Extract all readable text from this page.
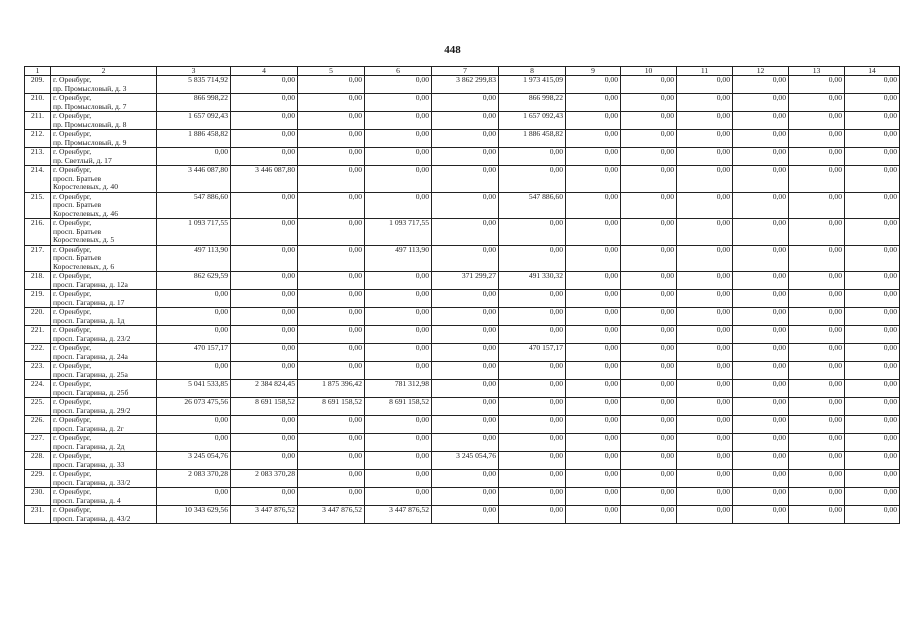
448
1	2	3	4	5	6	7	8	9	10	11	12	13	14
209.	г. Оренбург,
пр. Промысловый, д. 3	5 835 714,92	0,00	0,00	0,00	3 862 299,83	1 973 415,09	0,00	0,00	0,00	0,00	0,00	0,00
210.	г. Оренбург,
пр. Промысловый, д. 7	866 998,22	0,00	0,00	0,00	0,00	866 998,22	0,00	0,00	0,00	0,00	0,00	0,00
211.	г. Оренбург,
пр. Промысловый, д. 8	1 657 092,43	0,00	0,00	0,00	0,00	1 657 092,43	0,00	0,00	0,00	0,00	0,00	0,00
212.	г. Оренбург,
пр. Промысловый, д. 9	1 886 458,82	0,00	0,00	0,00	0,00	1 886 458,82	0,00	0,00	0,00	0,00	0,00	0,00
213.	г. Оренбург,
пр. Светлый, д. 17	0,00	0,00	0,00	0,00	0,00	0,00	0,00	0,00	0,00	0,00	0,00	0,00
214.	г. Оренбург,
просп. Братьев
Коростелевых, д. 40	3 446 087,80	3 446 087,80	0,00	0,00	0,00	0,00	0,00	0,00	0,00	0,00	0,00	0,00
215.	г. Оренбург,
просп. Братьев
Коростелевых, д. 46	547 886,60	0,00	0,00	0,00	0,00	547 886,60	0,00	0,00	0,00	0,00	0,00	0,00
216.	г. Оренбург,
просп. Братьев
Коростелевых, д. 5	1 093 717,55	0,00	0,00	1 093 717,55	0,00	0,00	0,00	0,00	0,00	0,00	0,00	0,00
217.	г. Оренбург,
просп. Братьев
Коростелевых, д. 6	497 113,90	0,00	0,00	497 113,90	0,00	0,00	0,00	0,00	0,00	0,00	0,00	0,00
218.	г. Оренбург,
просп. Гагарина, д. 12а	862 629,59	0,00	0,00	0,00	371 299,27	491 330,32	0,00	0,00	0,00	0,00	0,00	0,00
219.	г. Оренбург,
просп. Гагарина, д. 17	0,00	0,00	0,00	0,00	0,00	0,00	0,00	0,00	0,00	0,00	0,00	0,00
220.	г. Оренбург,
просп. Гагарина, д. 1д	0,00	0,00	0,00	0,00	0,00	0,00	0,00	0,00	0,00	0,00	0,00	0,00
221.	г. Оренбург,
просп. Гагарина, д. 23/2	0,00	0,00	0,00	0,00	0,00	0,00	0,00	0,00	0,00	0,00	0,00	0,00
222.	г. Оренбург,
просп. Гагарина, д. 24а	470 157,17	0,00	0,00	0,00	0,00	470 157,17	0,00	0,00	0,00	0,00	0,00	0,00
223.	г. Оренбург,
просп. Гагарина, д. 25а	0,00	0,00	0,00	0,00	0,00	0,00	0,00	0,00	0,00	0,00	0,00	0,00
224.	г. Оренбург,
просп. Гагарина, д. 25б	5 041 533,85	2 384 824,45	1 875 396,42	781 312,98	0,00	0,00	0,00	0,00	0,00	0,00	0,00	0,00
225.	г. Оренбург,
просп. Гагарина, д. 29/2	26 073 475,56	8 691 158,52	8 691 158,52	8 691 158,52	0,00	0,00	0,00	0,00	0,00	0,00	0,00	0,00
226.	г. Оренбург,
просп. Гагарина, д. 2г	0,00	0,00	0,00	0,00	0,00	0,00	0,00	0,00	0,00	0,00	0,00	0,00
227.	г. Оренбург,
просп. Гагарина, д. 2д	0,00	0,00	0,00	0,00	0,00	0,00	0,00	0,00	0,00	0,00	0,00	0,00
228.	г. Оренбург,
просп. Гагарина, д. 33	3 245 054,76	0,00	0,00	0,00	3 245 054,76	0,00	0,00	0,00	0,00	0,00	0,00	0,00
229.	г. Оренбург,
просп. Гагарина, д. 33/2	2 083 370,28	2 083 370,28	0,00	0,00	0,00	0,00	0,00	0,00	0,00	0,00	0,00	0,00
230.	г. Оренбург,
просп. Гагарина, д. 4	0,00	0,00	0,00	0,00	0,00	0,00	0,00	0,00	0,00	0,00	0,00	0,00
231.	г. Оренбург,
просп. Гагарина, д. 43/2	10 343 629,56	3 447 876,52	3 447 876,52	3 447 876,52	0,00	0,00	0,00	0,00	0,00	0,00	0,00	0,00
